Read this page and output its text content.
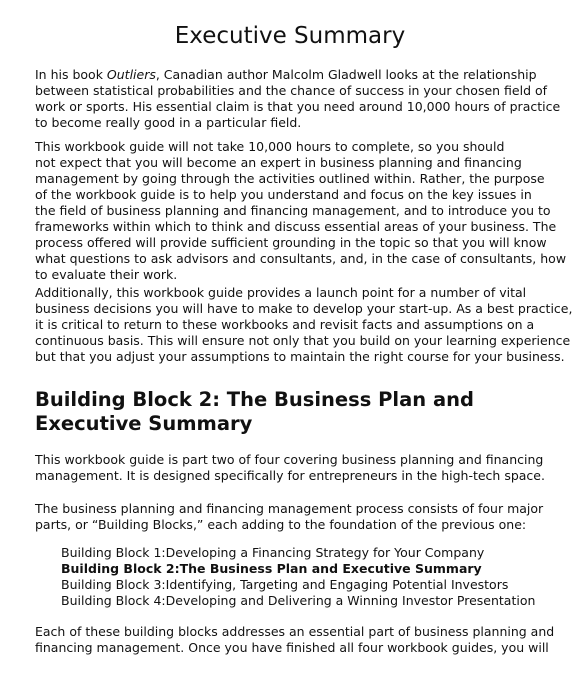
Executive Summary

In his book Outliers, Canadian author Malcolm Gladwell looks at the relationship

between statistical probabilities and the chance of success in your chosen field of

work or sports. His essential claim is that you need around 10,000 hours of practice

to become really good in a particular field.

This workbook guide will not take 10,000 hours to complete, so you should

not expect that you will become an expert in business planning and financing

management by going through the activities outlined within. Rather, the purpose

of the workbook guide is to help you understand and focus on the key issues in

the field of business planning and financing management, and to introduce you to

frameworks within which to think and discuss essential areas of your business. The

process offered will provide sufficient grounding in the topic so that you will know

what questions to ask advisors and consultants, and, in the case of consultants, how

to evaluate their work.

Additionally, this workbook guide provides a launch point for a number of vital

business decisions you will have to make to develop your start-up. As a best practice,

it is critical to return to these workbooks and revisit facts and assumptions on a

continuous basis. This will ensure not only that you build on your learning experience

but that you adjust your assumptions to maintain the right course for your business.

Building Block 2: The Business Plan and
Executive Summary

This workbook guide is part two of four covering business planning and financing

management. It is designed specifically for entrepreneurs in the high-tech space.

The business planning and financing management process consists of four major

parts, or “Building Blocks,” each adding to the foundation of the previous one:

Building Block 1:Developing a Financing Strategy for Your Company
Building Block 2:The Business Plan and Executive Summary
Building Block 3:Identifying, Targeting and Engaging Potential Investors
Building Block 4:Developing and Delivering a Winning Investor Presentation

Each of these building blocks addresses an essential part of business planning and

financing management. Once you have finished all four workbook guides, you will
